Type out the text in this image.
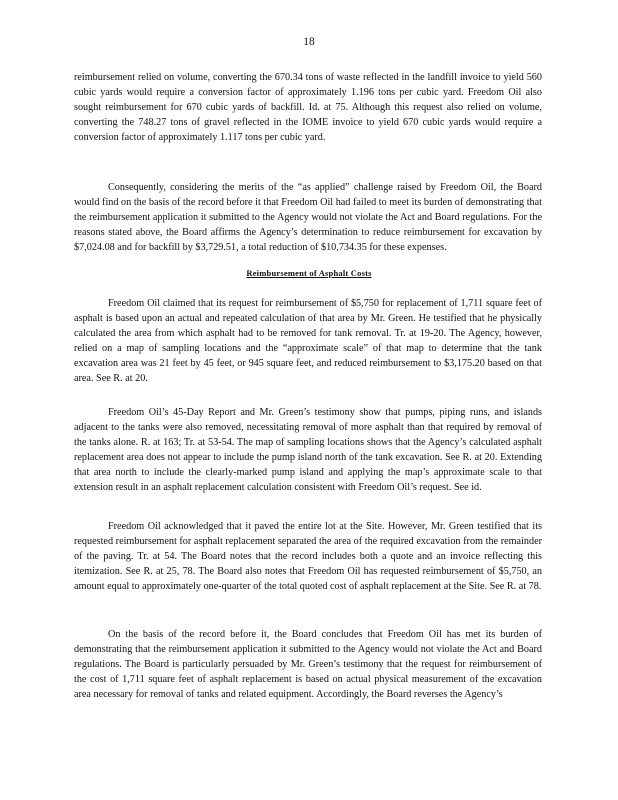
18

reimbursement relied on volume, converting the 670.34 tons of waste reflected in the landfill invoice to yield 560 cubic yards would require a conversion factor of approximately 1.196 tons per cubic yard. Freedom Oil also sought reimbursement for 670 cubic yards of backfill. Id. at 75. Although this request also relied on volume, converting the 748.27 tons of gravel reflected in the IOME invoice to yield 670 cubic yards would require a conversion factor of approximately 1.117 tons per cubic yard.

Consequently, considering the merits of the “as applied” challenge raised by Freedom Oil, the Board would find on the basis of the record before it that Freedom Oil had failed to meet its burden of demonstrating that the reimbursement application it submitted to the Agency would not violate the Act and Board regulations. For the reasons stated above, the Board affirms the Agency’s determination to reduce reimbursement for excavation by $7,024.08 and for backfill by $3,729.51, a total reduction of $10,734.35 for these expenses.

Reimbursement of Asphalt Costs

Freedom Oil claimed that its request for reimbursement of $5,750 for replacement of 1,711 square feet of asphalt is based upon an actual and repeated calculation of that area by Mr. Green. He testified that he physically calculated the area from which asphalt had to be removed for tank removal. Tr. at 19-20. The Agency, however, relied on a map of sampling locations and the “approximate scale” of that map to determine that the tank excavation area was 21 feet by 45 feet, or 945 square feet, and reduced reimbursement to $3,175.20 based on that area. See R. at 20.

Freedom Oil’s 45-Day Report and Mr. Green’s testimony show that pumps, piping runs, and islands adjacent to the tanks were also removed, necessitating removal of more asphalt than that required by removal of the tanks alone. R. at 163; Tr. at 53-54. The map of sampling locations shows that the Agency’s calculated asphalt replacement area does not appear to include the pump island north of the tank excavation. See R. at 20. Extending that area north to include the clearly-marked pump island and applying the map’s approximate scale to that extension result in an asphalt replacement calculation consistent with Freedom Oil’s request. See id.

Freedom Oil acknowledged that it paved the entire lot at the Site. However, Mr. Green testified that its requested reimbursement for asphalt replacement separated the area of the required excavation from the remainder of the paving. Tr. at 54. The Board notes that the record includes both a quote and an invoice reflecting this itemization. See R. at 25, 78. The Board also notes that Freedom Oil has requested reimbursement of $5,750, an amount equal to approximately one-quarter of the total quoted cost of asphalt replacement at the Site. See R. at 78.

On the basis of the record before it, the Board concludes that Freedom Oil has met its burden of demonstrating that the reimbursement application it submitted to the Agency would not violate the Act and Board regulations. The Board is particularly persuaded by Mr. Green’s testimony that the request for reimbursement of the cost of 1,711 square feet of asphalt replacement is based on actual physical measurement of the excavation area necessary for removal of tanks and related equipment. Accordingly, the Board reverses the Agency’s
